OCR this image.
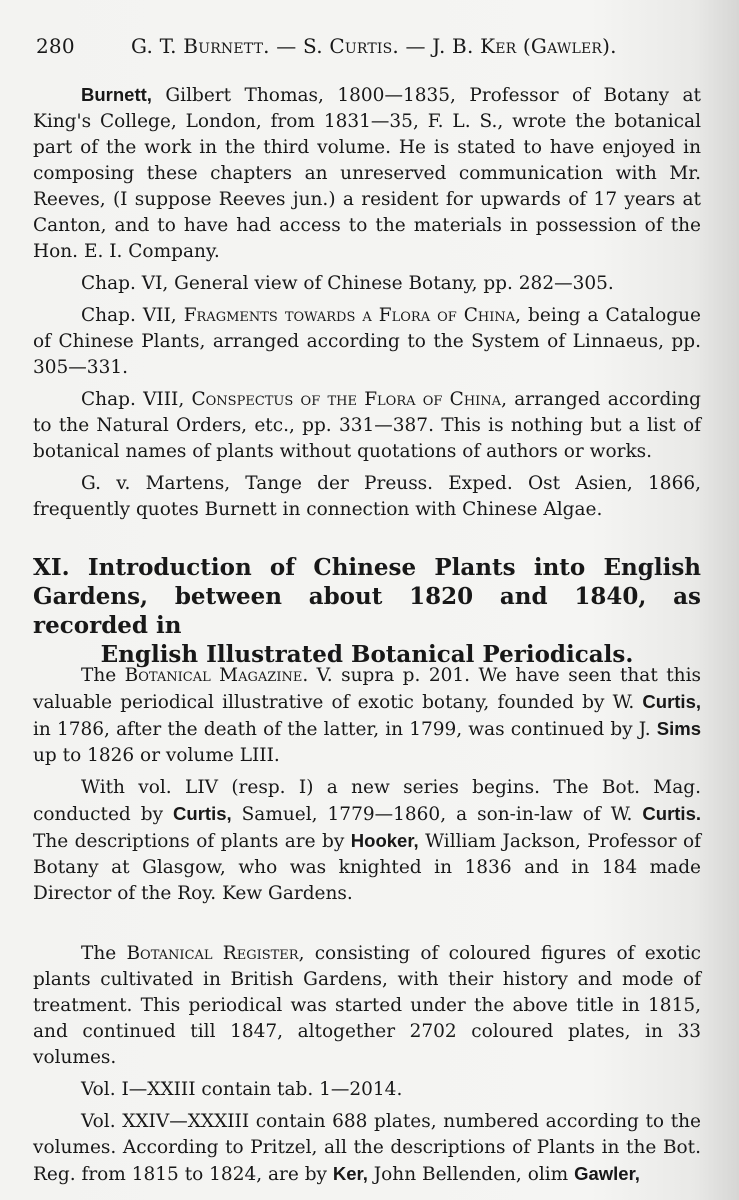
280	G. T. Burnett. — S. Curtis. — J. B. Ker (Gawler).

Burnett, Gilbert Thomas, 1800—1835, Professor of Botany at King's College, London, from 1831—35, F. L. S., wrote the botanical part of the work in the third volume. He is stated to have enjoyed in composing these chapters an unreserved communication with Mr. Reeves, (I suppose Reeves jun.) a resident for upwards of 17 years at Canton, and to have had access to the materials in possession of the Hon. E. I. Company.

Chap. VI, General view of Chinese Botany, pp. 282—305.

Chap. VII, Fragments towards a Flora of China, being a Catalogue of Chinese Plants, arranged according to the System of Linnaeus, pp. 305—331.

Chap. VIII, Conspectus of the Flora of China, arranged according to the Natural Orders, etc., pp. 331—387. This is nothing but a list of botanical names of plants without quotations of authors or works.

G. v. Martens, Tange der Preuss. Exped. Ost Asien, 1866, frequently quotes Burnett in connection with Chinese Algae.

XI. Introduction of Chinese Plants into English Gardens, between about 1820 and 1840, as recorded in
English Illustrated Botanical Periodicals.

The Botanical Magazine. V. supra p. 201. We have seen that this valuable periodical illustrative of exotic botany, founded by W. Curtis, in 1786, after the death of the latter, in 1799, was continued by J. Sims up to 1826 or volume LIII.

With vol. LIV (resp. I) a new series begins. The Bot. Mag. conducted by Curtis, Samuel, 1779—1860, a son-in-law of W. Curtis. The descriptions of plants are by Hooker, William Jackson, Professor of Botany at Glasgow, who was knighted in 1836 and in 184 made Director of the Roy. Kew Gardens.

The Botanical Register, consisting of coloured figures of exotic plants cultivated in British Gardens, with their history and mode of treatment. This periodical was started under the above title in 1815, and continued till 1847, altogether 2702 coloured plates, in 33 volumes.

Vol. I—XXIII contain tab. 1—2014.

Vol. XXIV—XXXIII contain 688 plates, numbered according to the volumes. According to Pritzel, all the descriptions of Plants in the Bot. Reg. from 1815 to 1824, are by Ker, John Bellenden, olim Gawler,
